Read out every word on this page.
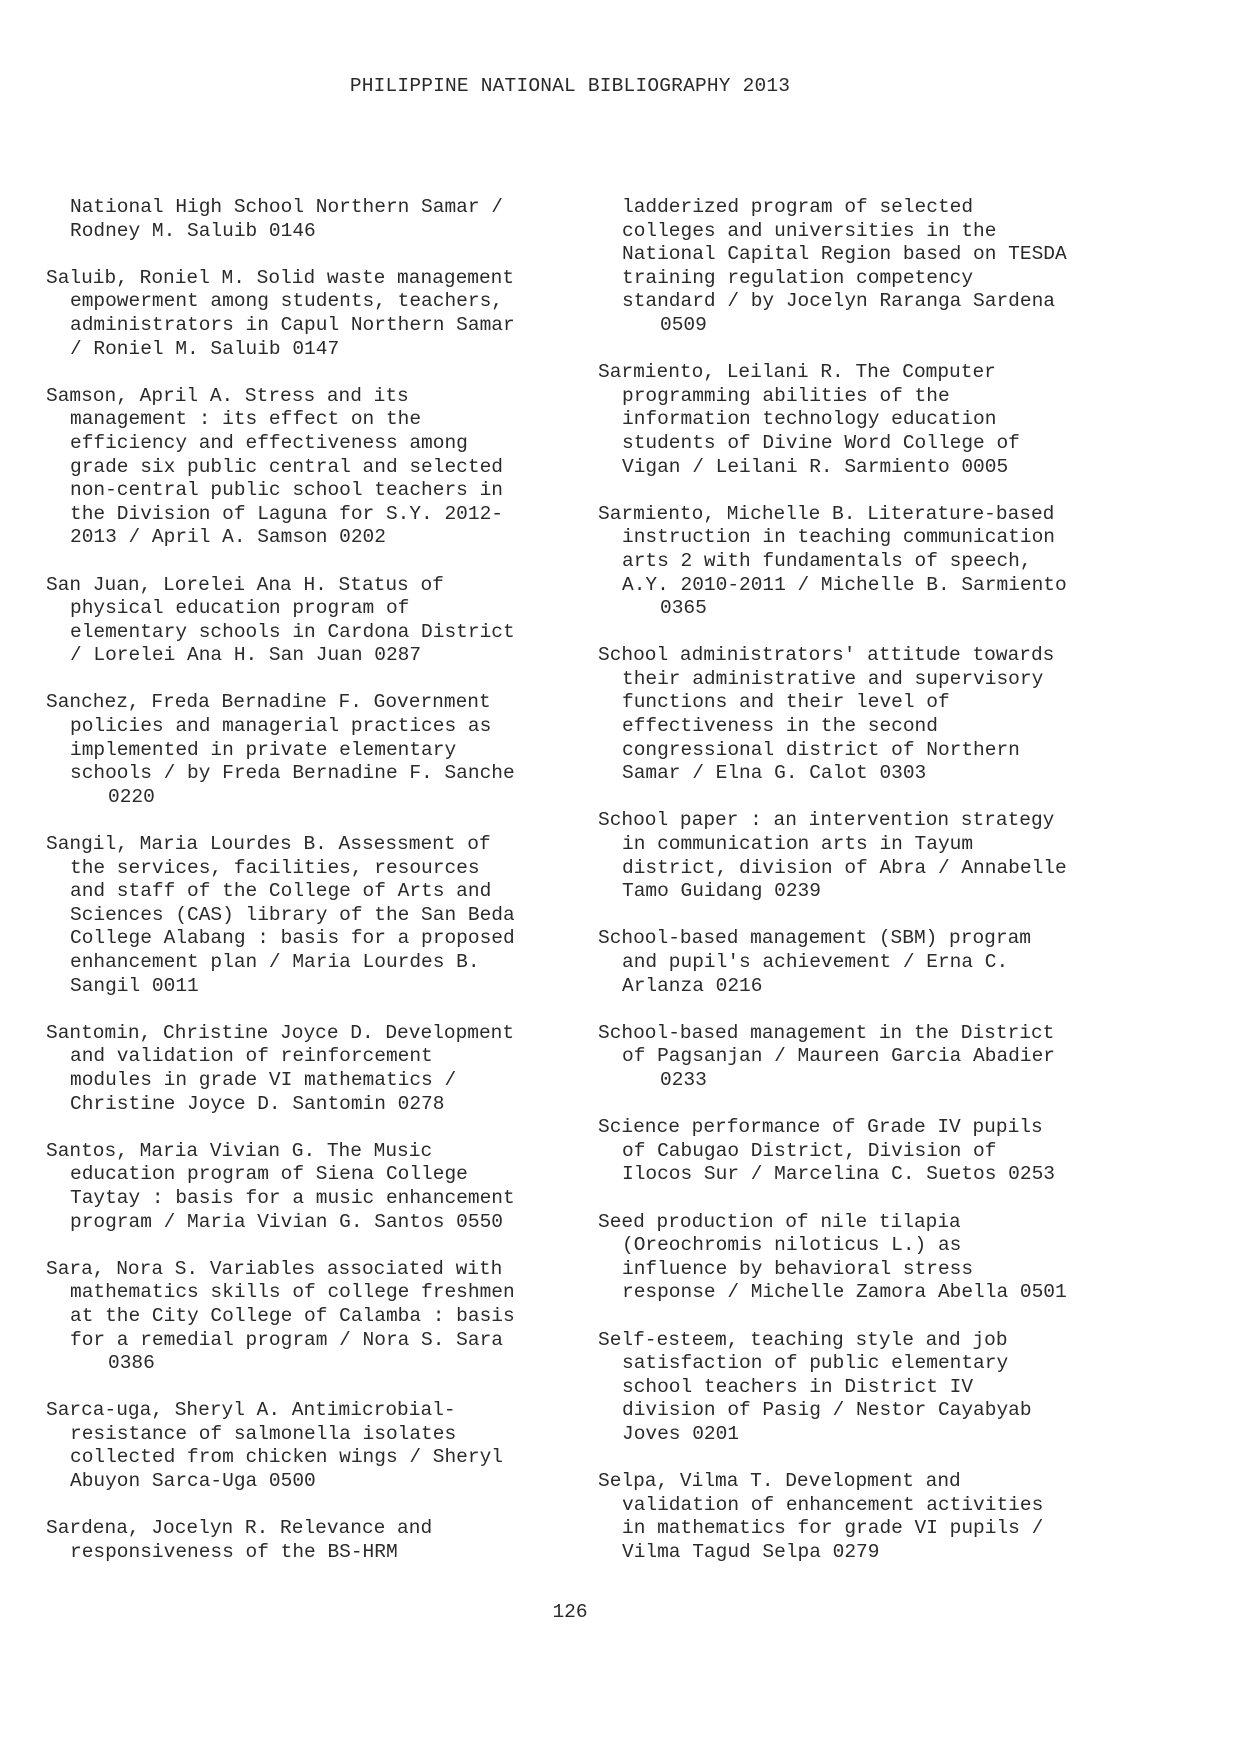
PHILIPPINE NATIONAL BIBLIOGRAPHY 2013
National High School Northern Samar /
Rodney M. Saluib 0146
Saluib, Roniel M. Solid waste management
empowerment among students, teachers,
administrators in Capul Northern Samar
/ Roniel M. Saluib 0147
Samson, April A. Stress and its
management : its effect on the
efficiency and effectiveness among
grade six public central and selected
non-central public school teachers in
the Division of Laguna for S.Y. 2012-
2013 / April A. Samson 0202
San Juan, Lorelei Ana H. Status of
physical education program of
elementary schools in Cardona District
/ Lorelei Ana H. San Juan 0287
Sanchez, Freda Bernadine F. Government
policies and managerial practices as
implemented in private elementary
schools / by Freda Bernadine F. Sanche
0220
Sangil, Maria Lourdes B. Assessment of
the services, facilities, resources
and staff of the College of Arts and
Sciences (CAS) library of the San Beda
College Alabang : basis for a proposed
enhancement plan / Maria Lourdes B.
Sangil 0011
Santomin, Christine Joyce D. Development
and validation of reinforcement
modules in grade VI mathematics /
Christine Joyce D. Santomin 0278
Santos, Maria Vivian G. The Music
education program of Siena College
Taytay : basis for a music enhancement
program / Maria Vivian G. Santos 0550
Sara, Nora S. Variables associated with
mathematics skills of college freshmen
at the City College of Calamba : basis
for a remedial program / Nora S. Sara
0386
Sarca-uga, Sheryl A. Antimicrobial-
resistance of salmonella isolates
collected from chicken wings / Sheryl
Abuyon Sarca-Uga 0500
Sardena, Jocelyn R. Relevance and
responsiveness of the BS-HRM
ladderized program of selected
colleges and universities in the
National Capital Region based on TESDA
training regulation competency
standard / by Jocelyn Raranga Sardena
0509
Sarmiento, Leilani R. The Computer
programming abilities of the
information technology education
students of Divine Word College of
Vigan / Leilani R. Sarmiento 0005
Sarmiento, Michelle B. Literature-based
instruction in teaching communication
arts 2 with fundamentals of speech,
A.Y. 2010-2011 / Michelle B. Sarmiento
0365
School administrators' attitude towards
their administrative and supervisory
functions and their level of
effectiveness in the second
congressional district of Northern
Samar / Elna G. Calot 0303
School paper : an intervention strategy
in communication arts in Tayum
district, division of Abra / Annabelle
Tamo Guidang 0239
School-based management (SBM) program
and pupil's achievement / Erna C.
Arlanza 0216
School-based management in the District
of Pagsanjan / Maureen Garcia Abadier
0233
Science performance of Grade IV pupils
of Cabugao District, Division of
Ilocos Sur / Marcelina C. Suetos 0253
Seed production of nile tilapia
(Oreochromis niloticus L.) as
influence by behavioral stress
response / Michelle Zamora Abella 0501
Self-esteem, teaching style and job
satisfaction of public elementary
school teachers in District IV
division of Pasig / Nestor Cayabyab
Joves 0201
Selpa, Vilma T. Development and
validation of enhancement activities
in mathematics for grade VI pupils /
Vilma Tagud Selpa 0279
126
